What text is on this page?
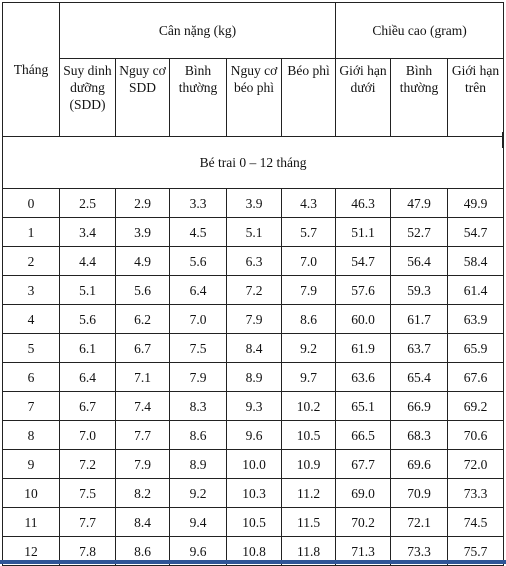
Tháng	Cân nặng (kg)					Chiều cao (gram)		
	Suy dinh dưỡng (SDD)	Nguy cơ SDD	Bình thường	Nguy cơ béo phì	Béo phì	Giới hạn dưới	Bình thường	Giới hạn trên
Bé trai 0 – 12 tháng								
0	2.5	2.9	3.3	3.9	4.3	46.3	47.9	49.9
1	3.4	3.9	4.5	5.1	5.7	51.1	52.7	54.7
2	4.4	4.9	5.6	6.3	7.0	54.7	56.4	58.4
3	5.1	5.6	6.4	7.2	7.9	57.6	59.3	61.4
4	5.6	6.2	7.0	7.9	8.6	60.0	61.7	63.9
5	6.1	6.7	7.5	8.4	9.2	61.9	63.7	65.9
6	6.4	7.1	7.9	8.9	9.7	63.6	65.4	67.6
7	6.7	7.4	8.3	9.3	10.2	65.1	66.9	69.2
8	7.0	7.7	8.6	9.6	10.5	66.5	68.3	70.6
9	7.2	7.9	8.9	10.0	10.9	67.7	69.6	72.0
10	7.5	8.2	9.2	10.3	11.2	69.0	70.9	73.3
11	7.7	8.4	9.4	10.5	11.5	70.2	72.1	74.5
12	7.8	8.6	9.6	10.8	11.8	71.3	73.3	75.7
